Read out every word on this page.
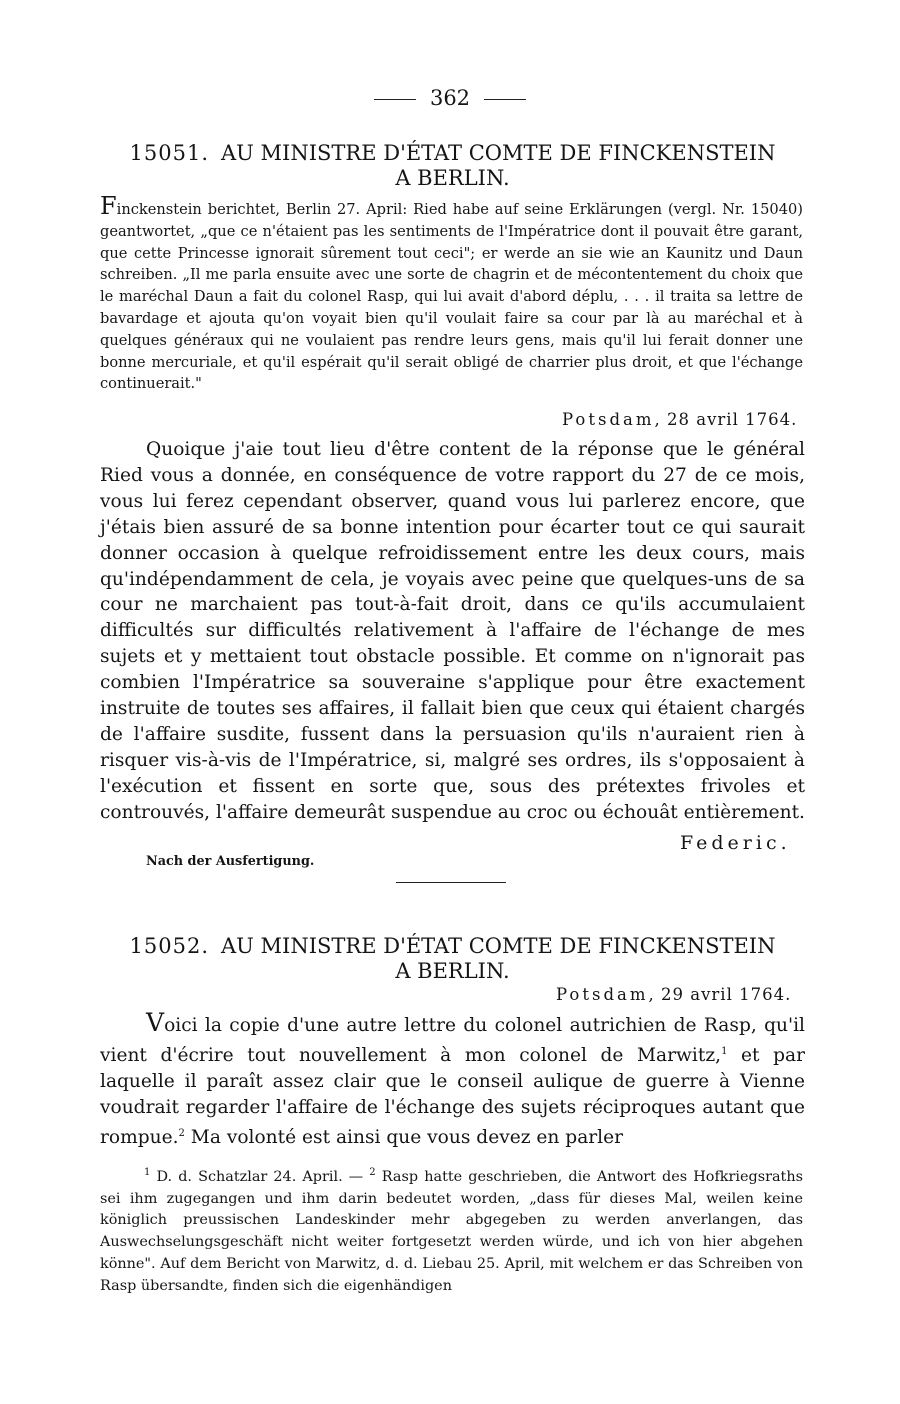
362
15051. AU MINISTRE D'ÉTAT COMTE DE FINCKENSTEIN
A BERLIN.
Finckenstein berichtet, Berlin 27. April: Ried habe auf seine Erklärungen (vergl. Nr. 15040) geantwortet, „que ce n'étaient pas les sentiments de l'Impératrice dont il pouvait être garant, que cette Princesse ignorait sûrement tout ceci"; er werde an sie wie an Kaunitz und Daun schreiben. „Il me parla ensuite avec une sorte de chagrin et de mécontentement du choix que le maréchal Daun a fait du colonel Rasp, qui lui avait d'abord déplu, . . . il traita sa lettre de bavardage et ajouta qu'on voyait bien qu'il voulait faire sa cour par là au maréchal et à quelques généraux qui ne voulaient pas rendre leurs gens, mais qu'il lui ferait donner une bonne mercuriale, et qu'il espérait qu'il serait obligé de charrier plus droit, et que l'échange continuerait."
Potsdam, 28 avril 1764.
Quoique j'aie tout lieu d'être content de la réponse que le général Ried vous a donnée, en conséquence de votre rapport du 27 de ce mois, vous lui ferez cependant observer, quand vous lui parlerez encore, que j'étais bien assuré de sa bonne intention pour écarter tout ce qui saurait donner occasion à quelque refroidissement entre les deux cours, mais qu'indépendamment de cela, je voyais avec peine que quelques-uns de sa cour ne marchaient pas tout-à-fait droit, dans ce qu'ils accumulaient difficultés sur difficultés relativement à l'affaire de l'échange de mes sujets et y mettaient tout obstacle possible. Et comme on n'ignorait pas combien l'Impératrice sa souveraine s'applique pour être exactement instruite de toutes ses affaires, il fallait bien que ceux qui étaient chargés de l'affaire susdite, fussent dans la persuasion qu'ils n'auraient rien à risquer vis-à-vis de l'Impératrice, si, malgré ses ordres, ils s'opposaient à l'exécution et fissent en sorte que, sous des prétextes frivoles et controuvés, l'affaire demeurât suspendue au croc ou échouât entièrement.
Federic.
Nach der Ausfertigung.
15052. AU MINISTRE D'ÉTAT COMTE DE FINCKENSTEIN
A BERLIN.
Potsdam, 29 avril 1764.
Voici la copie d'une autre lettre du colonel autrichien de Rasp, qu'il vient d'écrire tout nouvellement à mon colonel de Marwitz,$^1$ et par laquelle il paraît assez clair que le conseil aulique de guerre à Vienne voudrait regarder l'affaire de l'échange des sujets réciproques autant que rompue.$^2$ Ma volonté est ainsi que vous devez en parler
$^1$ D. d. Schatzlar 24. April. — $^2$ Rasp hatte geschrieben, die Antwort des Hofkriegsraths sei ihm zugegangen und ihm darin bedeutet worden, „dass für dieses Mal, weilen keine königlich preussischen Landeskinder mehr abgegeben zu werden anverlangen, das Auswechselungsgeschäft nicht weiter fortgesetzt werden würde, und ich von hier abgehen könne". Auf dem Bericht von Marwitz, d. d. Liebau 25. April, mit welchem er das Schreiben von Rasp übersandte, finden sich die eigenhändigen
